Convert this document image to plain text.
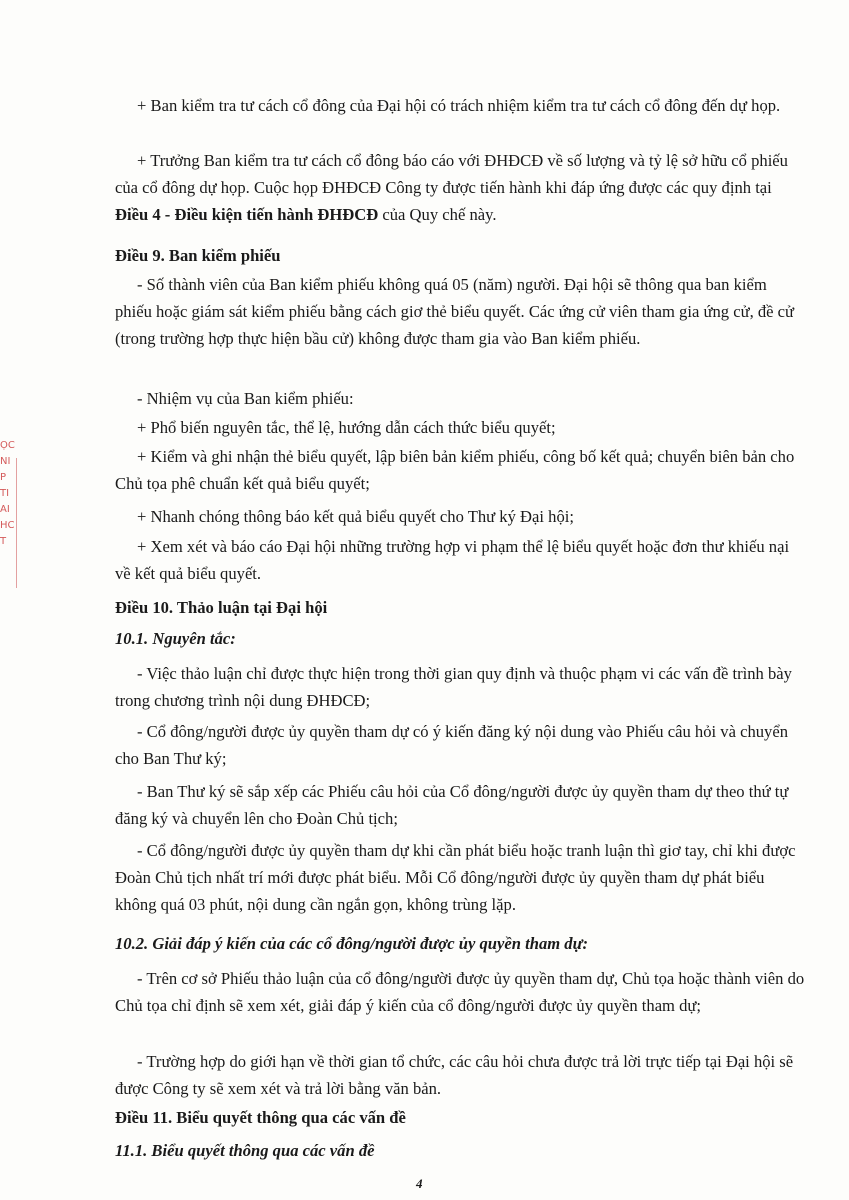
ỌC
NI
P
TI
AI
HC
T

+ Ban kiểm tra tư cách cổ đông của Đại hội có trách nhiệm kiểm tra tư cách cổ đông đến dự họp.

+ Trưởng Ban kiểm tra tư cách cổ đông báo cáo với ĐHĐCĐ về số lượng và tỷ lệ sở hữu cổ phiếu của cổ đông dự họp. Cuộc họp ĐHĐCĐ Công ty được tiến hành khi đáp ứng được các quy định tại Điều 4 - Điều kiện tiến hành ĐHĐCĐ của Quy chế này.

Điều 9. Ban kiểm phiếu

- Số thành viên của Ban kiểm phiếu không quá 05 (năm) người. Đại hội sẽ thông qua ban kiểm phiếu hoặc giám sát kiểm phiếu bằng cách giơ thẻ biểu quyết. Các ứng cử viên tham gia ứng cử, đề cử (trong trường hợp thực hiện bầu cử) không được tham gia vào Ban kiểm phiếu.

- Nhiệm vụ của Ban kiểm phiếu:

+ Phổ biến nguyên tắc, thể lệ, hướng dẫn cách thức biểu quyết;

+ Kiểm và ghi nhận thẻ biểu quyết, lập biên bản kiểm phiếu, công bố kết quả; chuyển biên bản cho Chủ tọa phê chuẩn kết quả biểu quyết;

+ Nhanh chóng thông báo kết quả biểu quyết cho Thư ký Đại hội;

+ Xem xét và báo cáo Đại hội những trường hợp vi phạm thể lệ biểu quyết hoặc đơn thư khiếu nại về kết quả biểu quyết.

Điều 10. Thảo luận tại Đại hội

10.1. Nguyên tắc:

- Việc thảo luận chỉ được thực hiện trong thời gian quy định và thuộc phạm vi các vấn đề trình bày trong chương trình nội dung ĐHĐCĐ;

- Cổ đông/người được ủy quyền tham dự có ý kiến đăng ký nội dung vào Phiếu câu hỏi và chuyển cho Ban Thư ký;

- Ban Thư ký sẽ sắp xếp các Phiếu câu hỏi của Cổ đông/người được ủy quyền tham dự theo thứ tự đăng ký và chuyển lên cho Đoàn Chủ tịch;

- Cổ đông/người được ủy quyền tham dự khi cần phát biểu hoặc tranh luận thì giơ tay, chỉ khi được Đoàn Chủ tịch nhất trí mới được phát biểu. Mỗi Cổ đông/người được ủy quyền tham dự phát biểu không quá 03 phút, nội dung cần ngắn gọn, không trùng lặp.

10.2. Giải đáp ý kiến của các cổ đông/người được ủy quyền tham dự:

- Trên cơ sở Phiếu thảo luận của cổ đông/người được ủy quyền tham dự, Chủ tọa hoặc thành viên do Chủ tọa chỉ định sẽ xem xét, giải đáp ý kiến của cổ đông/người được ủy quyền tham dự;

- Trường hợp do giới hạn về thời gian tổ chức, các câu hỏi chưa được trả lời trực tiếp tại Đại hội sẽ được Công ty sẽ xem xét và trả lời bằng văn bản.

Điều 11. Biểu quyết thông qua các vấn đề

11.1. Biểu quyết thông qua các vấn đề

4
